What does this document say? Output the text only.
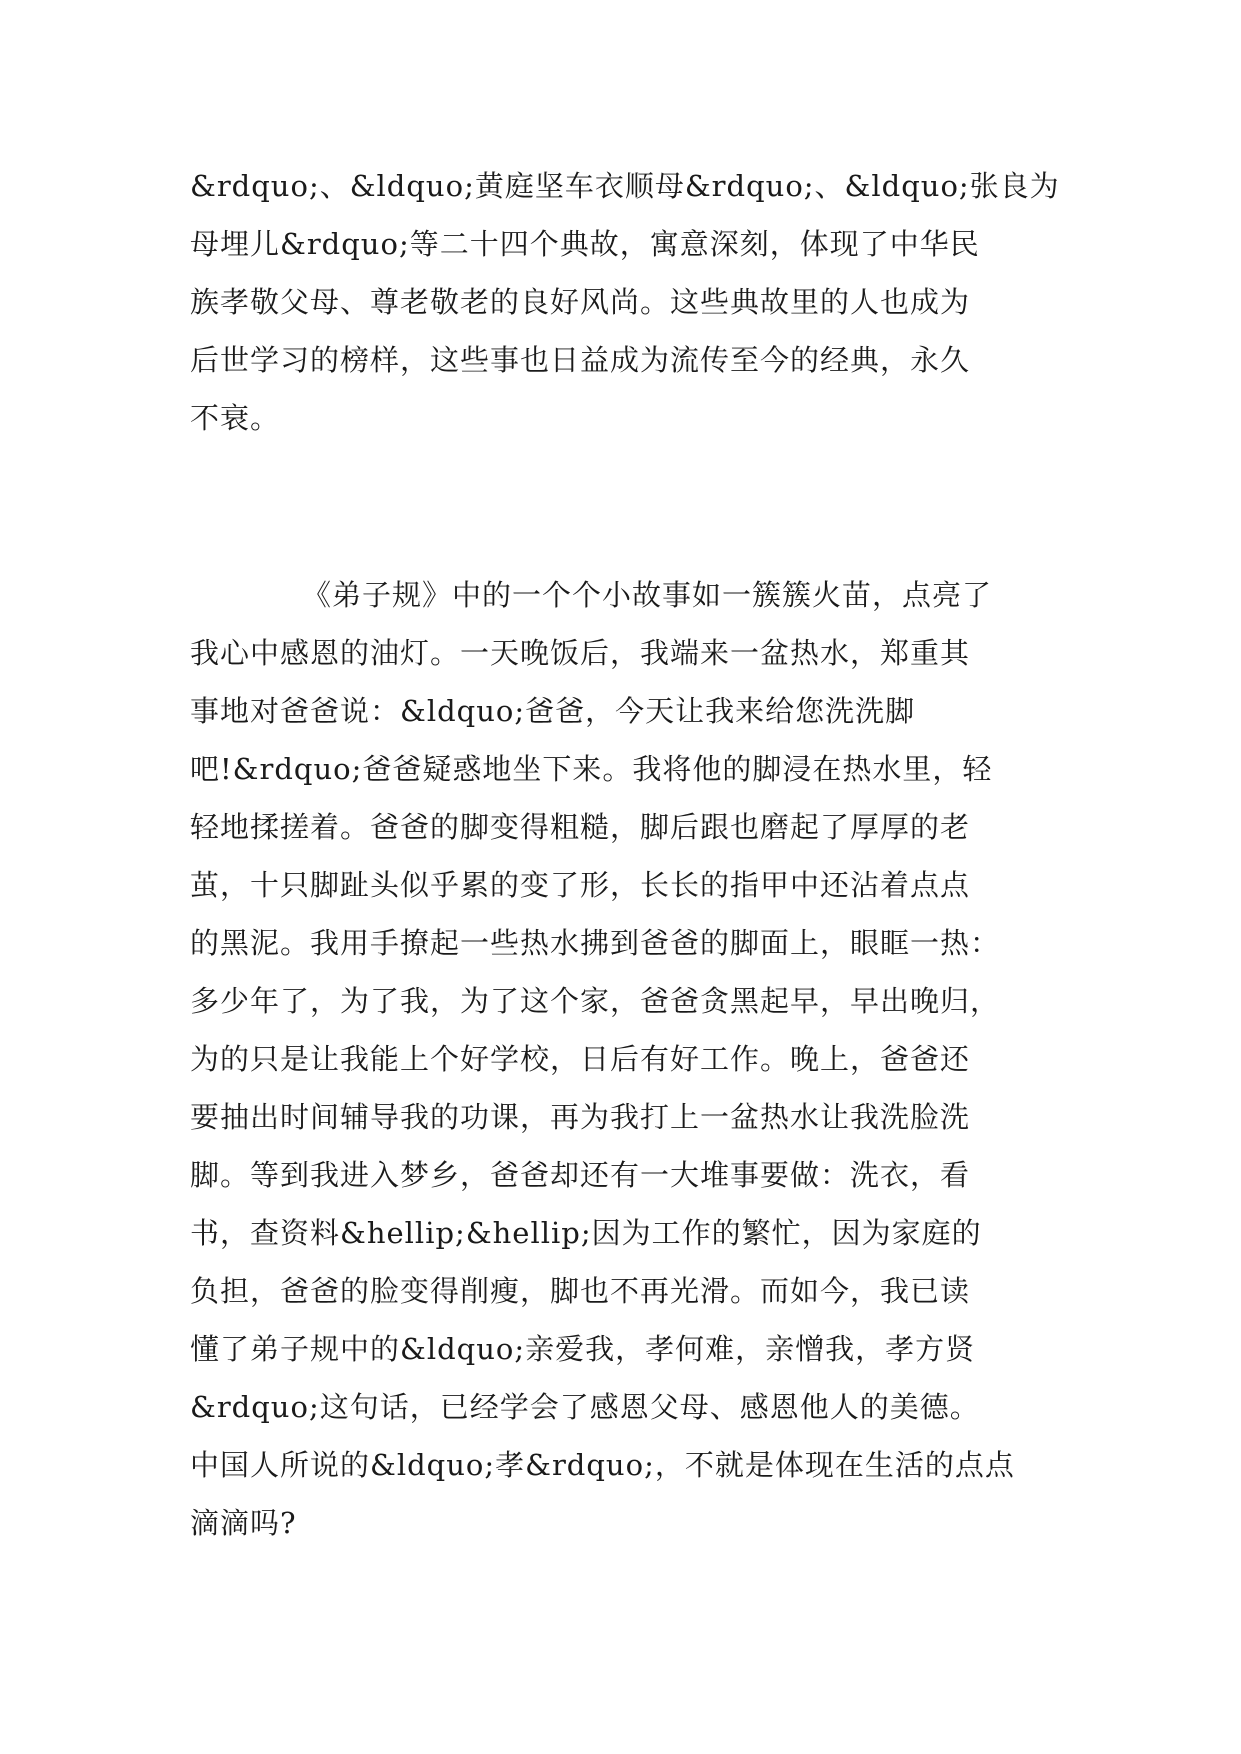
&rdquo;、&ldquo;黄庭坚车衣顺母&rdquo;、&ldquo;张良为
母埋儿&rdquo;等二十四个典故，寓意深刻，体现了中华民
族孝敬父母、尊老敬老的良好风尚。这些典故里的人也成为
后世学习的榜样，这些事也日益成为流传至今的经典，永久
不衰。
《弟子规》中的一个个小故事如一簇簇火苗，点亮了
我心中感恩的油灯。一天晚饭后，我端来一盆热水，郑重其
事地对爸爸说：&ldquo;爸爸，今天让我来给您洗洗脚
吧!&rdquo;爸爸疑惑地坐下来。我将他的脚浸在热水里，轻
轻地揉搓着。爸爸的脚变得粗糙，脚后跟也磨起了厚厚的老
茧，十只脚趾头似乎累的变了形，长长的指甲中还沾着点点
的黑泥。我用手撩起一些热水拂到爸爸的脚面上，眼眶一热：
多少年了，为了我，为了这个家，爸爸贪黑起早，早出晚归，
为的只是让我能上个好学校，日后有好工作。晚上，爸爸还
要抽出时间辅导我的功课，再为我打上一盆热水让我洗脸洗
脚。等到我进入梦乡，爸爸却还有一大堆事要做：洗衣，看
书，查资料&hellip;&hellip;因为工作的繁忙，因为家庭的
负担，爸爸的脸变得削瘦，脚也不再光滑。而如今，我已读
懂了弟子规中的&ldquo;亲爱我，孝何难，亲憎我，孝方贤
&rdquo;这句话，已经学会了感恩父母、感恩他人的美德。
中国人所说的&ldquo;孝&rdquo;，不就是体现在生活的点点
滴滴吗?
